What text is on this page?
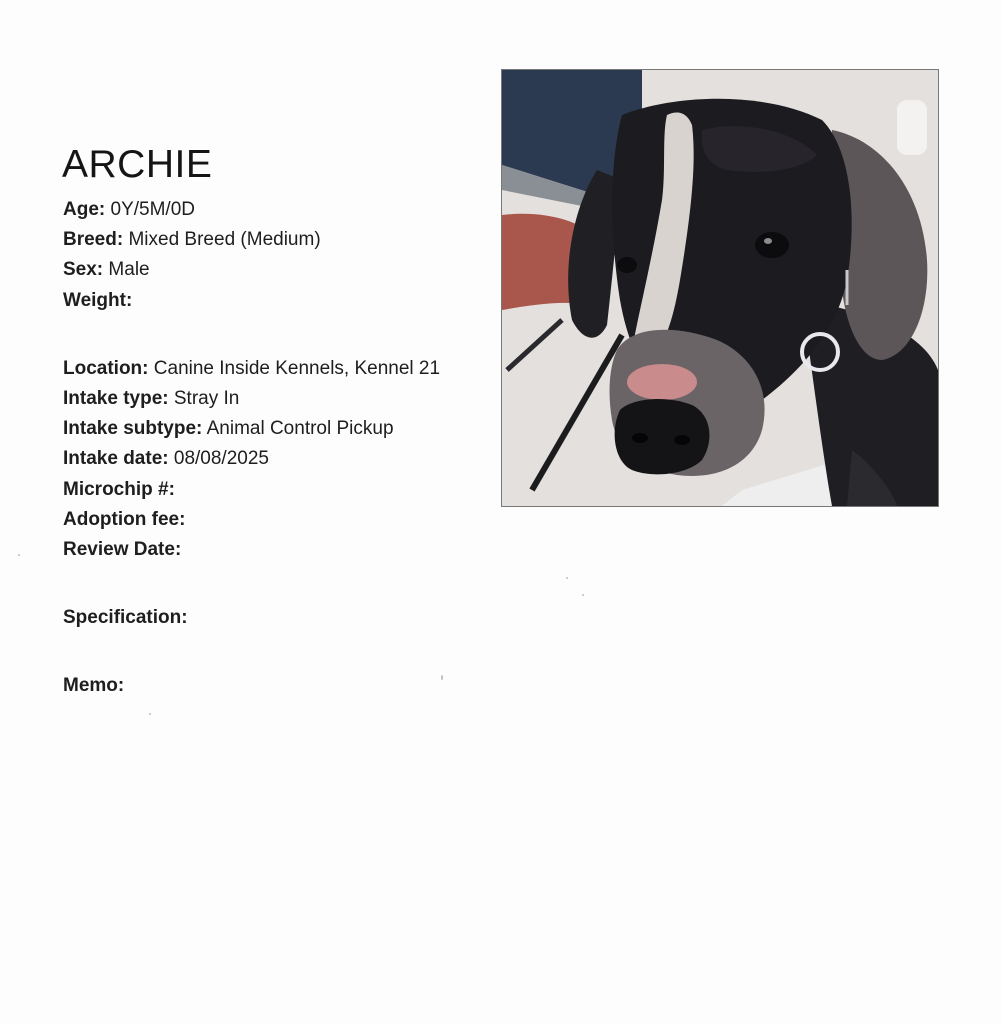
ARCHIE
Age: 0Y/5M/0D
Breed: Mixed Breed (Medium)
Sex: Male
Weight:
Location: Canine Inside Kennels, Kennel 21
Intake type: Stray In
Intake subtype: Animal Control Pickup
Intake date: 08/08/2025
Microchip #:
Adoption fee:
Review Date:
Specification:
Memo:
